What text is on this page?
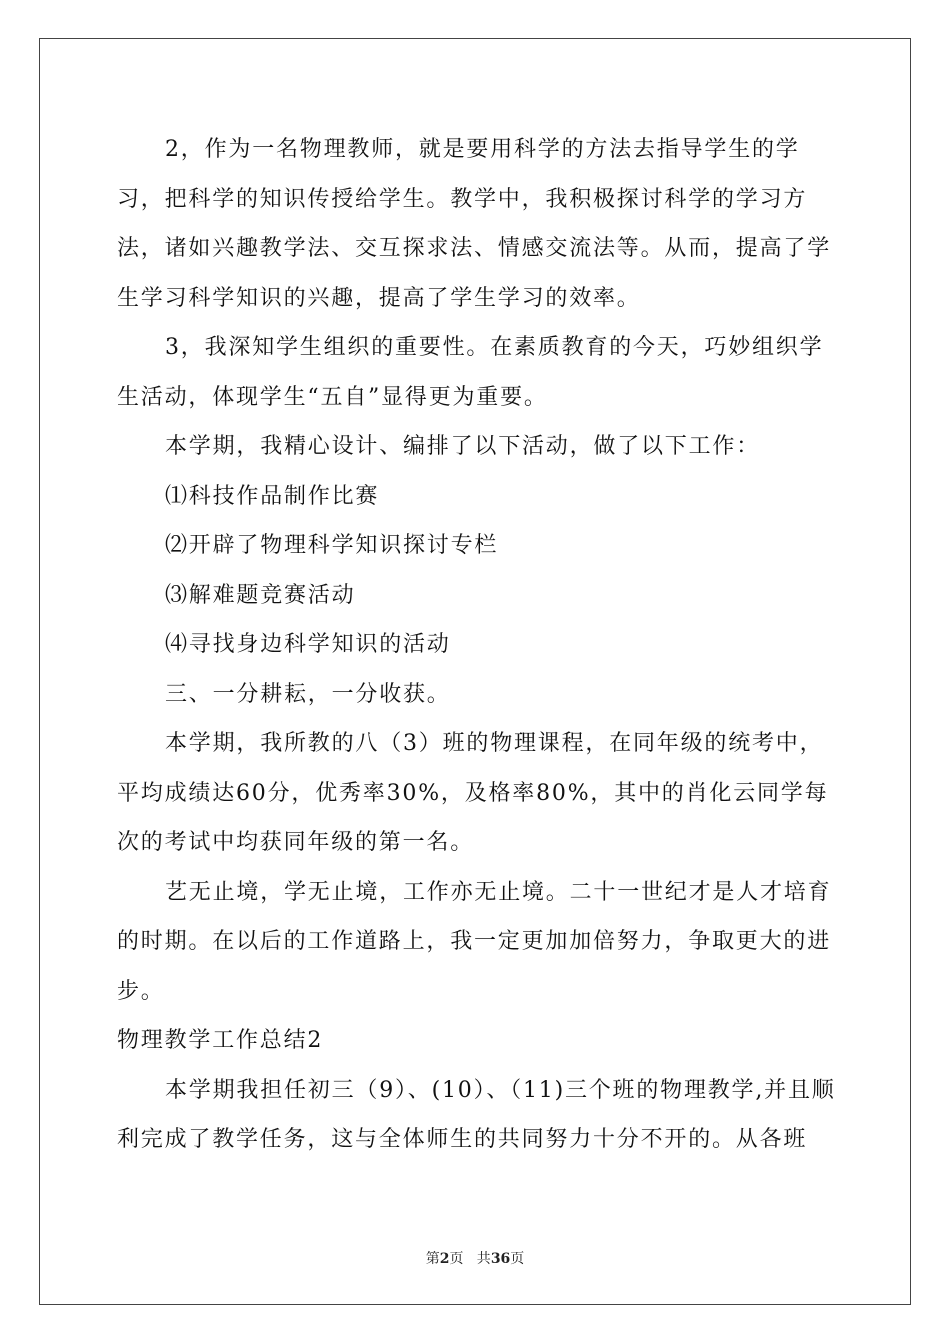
2，作为一名物理教师，就是要用科学的方法去指导学生的学习，把科学的知识传授给学生。教学中，我积极探讨科学的学习方法，诸如兴趣教学法、交互探求法、情感交流法等。从而，提高了学生学习科学知识的兴趣，提高了学生学习的效率。

3，我深知学生组织的重要性。在素质教育的今天，巧妙组织学生活动，体现学生“五自”显得更为重要。

本学期，我精心设计、编排了以下活动，做了以下工作：

⑴科技作品制作比赛

⑵开辟了物理科学知识探讨专栏

⑶解难题竞赛活动

⑷寻找身边科学知识的活动

三、一分耕耘，一分收获。

本学期，我所教的八（3）班的物理课程，在同年级的统考中，平均成绩达60分，优秀率30%，及格率80%，其中的肖化云同学每次的考试中均获同年级的第一名。

艺无止境，学无止境，工作亦无止境。二十一世纪才是人才培育的时期。在以后的工作道路上，我一定更加加倍努力，争取更大的进步。

物理教学工作总结2

本学期我担任初三（9）、(10）、（11)三个班的物理教学,并且顺利完成了教学任务，这与全体师生的共同努力十分不开的。从各班

第2页   共36页
